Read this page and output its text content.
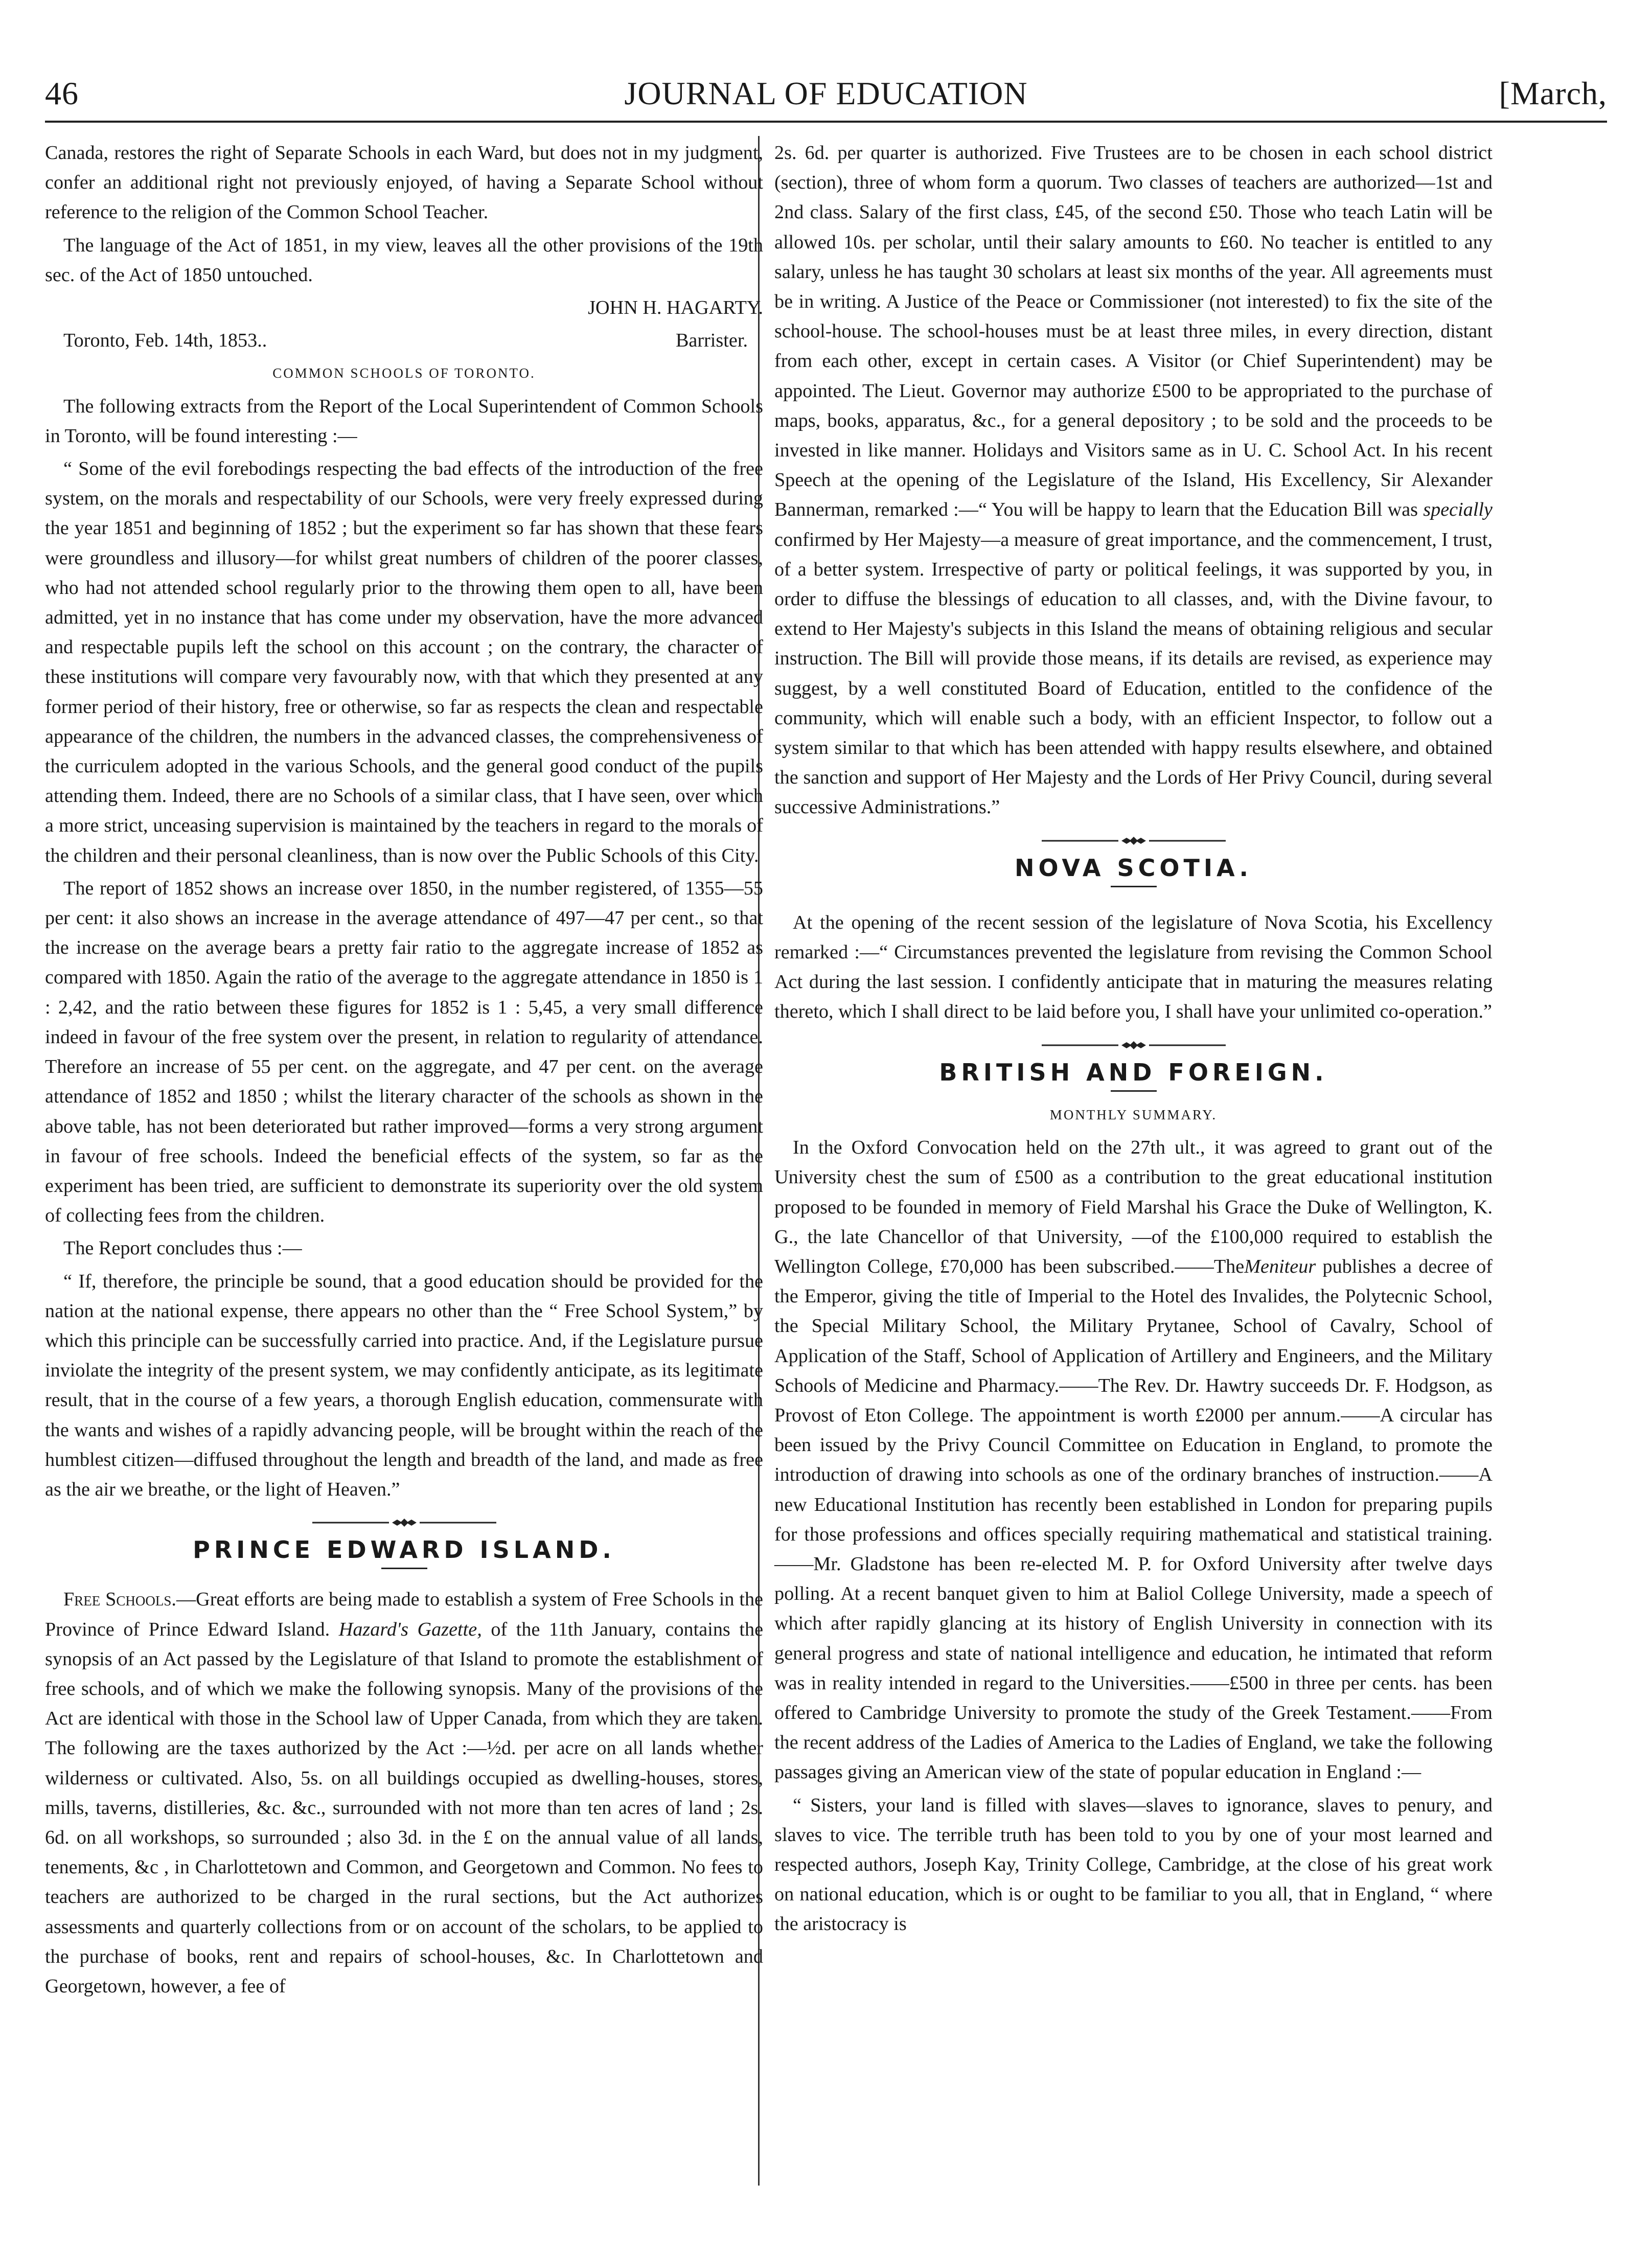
46	JOURNAL OF EDUCATION	[March,

Canada, restores the right of Separate Schools in each Ward, but does not in my judgment, confer an additional right not previously enjoyed, of having a Separate School without reference to the religion of the Common School Teacher.

The language of the Act of 1851, in my view, leaves all the other provisions of the 19th sec. of the Act of 1850 untouched.

JOHN H. HAGARTY.

Toronto, Feb. 14th, 1853..	Barrister.
COMMON SCHOOLS OF TORONTO.

The following extracts from the Report of the Local Superintendent of Common Schools in Toronto, will be found interesting :—

“ Some of the evil forebodings respecting the bad effects of the introduction of the free system, on the morals and respectability of our Schools, were very freely expressed during the year 1851 and beginning of 1852 ; but the experiment so far has shown that these fears were groundless and illusory—for whilst great numbers of children of the poorer classes, who had not attended school regularly prior to the throwing them open to all, have been admitted, yet in no instance that has come under my observation, have the more advanced and respectable pupils left the school on this account ; on the contrary, the character of these institutions will compare very favourably now, with that which they presented at any former period of their history, free or otherwise, so far as respects the clean and respectable appearance of the children, the numbers in the advanced classes, the comprehensiveness of the curriculem adopted in the various Schools, and the general good conduct of the pupils attending them. Indeed, there are no Schools of a similar class, that I have seen, over which a more strict, unceasing supervision is maintained by the teachers in regard to the morals of the children and their personal cleanliness, than is now over the Public Schools of this City.

The report of 1852 shows an increase over 1850, in the number registered, of 1355—55 per cent: it also shows an increase in the average attendance of 497—47 per cent., so that the increase on the average bears a pretty fair ratio to the aggregate increase of 1852 as compared with 1850. Again the ratio of the average to the aggregate attendance in 1850 is 1 : 2,42, and the ratio between these figures for 1852 is 1 : 5,45, a very small difference indeed in favour of the free system over the present, in relation to regularity of attendance. Therefore an increase of 55 per cent. on the aggregate, and 47 per cent. on the average attendance of 1852 and 1850 ; whilst the literary character of the schools as shown in the above table, has not been deteriorated but rather improved—forms a very strong argument in favour of free schools. Indeed the beneficial effects of the system, so far as the experiment has been tried, are sufficient to demonstrate its superiority over the old system of collecting fees from the children.

The Report concludes thus :—

“ If, therefore, the principle be sound, that a good education should be provided for the nation at the national expense, there appears no other than the “ Free School System,” by which this principle can be successfully carried into practice. And, if the Legislature pursue inviolate the integrity of the present system, we may confidently anticipate, as its legitimate result, that in the course of a few years, a thorough English education, commensurate with the wants and wishes of a rapidly advancing people, will be brought within the reach of the humblest citizen—diffused throughout the length and breadth of the land, and made as free as the air we breathe, or the light of Heaven.”

PRINCE EDWARD ISLAND.

Free Schools.—Great efforts are being made to establish a system of Free Schools in the Province of Prince Edward Island. Hazard's Gazette, of the 11th January, contains the synopsis of an Act passed by the Legislature of that Island to promote the establishment of free schools, and of which we make the following synopsis. Many of the provisions of the Act are identical with those in the School law of Upper Canada, from which they are taken. The following are the taxes authorized by the Act :—½d. per acre on all lands whether wilderness or cultivated. Also, 5s. on all buildings occupied as dwelling-houses, stores, mills, taverns, distilleries, &c. &c., surrounded with not more than ten acres of land ; 2s. 6d. on all workshops, so surrounded ; also 3d. in the £ on the annual value of all lands, tenements, &c , in Charlottetown and Common, and Georgetown and Common. No fees to teachers are authorized to be charged in the rural sections, but the Act authorizes assessments and quarterly collections from or on account of the scholars, to be applied to the purchase of books, rent and repairs of school-houses, &c. In Charlottetown and Georgetown, however, a fee of

2s. 6d. per quarter is authorized. Five Trustees are to be chosen in each school district (section), three of whom form a quorum. Two classes of teachers are authorized—1st and 2nd class. Salary of the first class, £45, of the second £50. Those who teach Latin will be allowed 10s. per scholar, until their salary amounts to £60. No teacher is entitled to any salary, unless he has taught 30 scholars at least six months of the year. All agreements must be in writing. A Justice of the Peace or Commissioner (not interested) to fix the site of the school-house. The school-houses must be at least three miles, in every direction, distant from each other, except in certain cases. A Visitor (or Chief Superintendent) may be appointed. The Lieut. Governor may authorize £500 to be appropriated to the purchase of maps, books, apparatus, &c., for a general depository ; to be sold and the proceeds to be invested in like manner. Holidays and Visitors same as in U. C. School Act. In his recent Speech at the opening of the Legislature of the Island, His Excellency, Sir Alexander Bannerman, remarked :—“ You will be happy to learn that the Education Bill was specially confirmed by Her Majesty—a measure of great importance, and the commencement, I trust, of a better system. Irrespective of party or political feelings, it was supported by you, in order to diffuse the blessings of education to all classes, and, with the Divine favour, to extend to Her Majesty's subjects in this Island the means of obtaining religious and secular instruction. The Bill will provide those means, if its details are revised, as experience may suggest, by a well constituted Board of Education, entitled to the confidence of the community, which will enable such a body, with an efficient Inspector, to follow out a system similar to that which has been attended with happy results elsewhere, and obtained the sanction and support of Her Majesty and the Lords of Her Privy Council, during several successive Administrations.”

NOVA SCOTIA.

At the opening of the recent session of the legislature of Nova Scotia, his Excellency remarked :—“ Circumstances prevented the legislature from revising the Common School Act during the last session. I confidently anticipate that in maturing the measures relating thereto, which I shall direct to be laid before you, I shall have your unlimited co-operation.”

BRITISH AND FOREIGN.
MONTHLY SUMMARY.

In the Oxford Convocation held on the 27th ult., it was agreed to grant out of the University chest the sum of £500 as a contribution to the great educational institution proposed to be founded in memory of Field Marshal his Grace the Duke of Wellington, K. G., the late Chancellor of that University, —of the £100,000 required to establish the Wellington College, £70,000 has been subscribed.——TheMeniteur publishes a decree of the Emperor, giving the title of Imperial to the Hotel des Invalides, the Polytecnic School, the Special Military School, the Military Prytanee, School of Cavalry, School of Application of the Staff, School of Application of Artillery and Engineers, and the Military Schools of Medicine and Pharmacy.——The Rev. Dr. Hawtry succeeds Dr. F. Hodgson, as Provost of Eton College. The appointment is worth £2000 per annum.——A circular has been issued by the Privy Council Committee on Education in England, to promote the introduction of drawing into schools as one of the ordinary branches of instruction.——A new Educational Institution has recently been established in London for preparing pupils for those professions and offices specially requiring mathematical and statistical training.——Mr. Gladstone has been re-elected M. P. for Oxford University after twelve days polling. At a recent banquet given to him at Baliol College University, made a speech of which after rapidly glancing at its history of English University in connection with its general progress and state of national intelligence and education, he intimated that reform was in reality intended in regard to the Universities.——£500 in three per cents. has been offered to Cambridge University to promote the study of the Greek Testament.——From the recent address of the Ladies of America to the Ladies of England, we take the following passages giving an American view of the state of popular education in England :—

“ Sisters, your land is filled with slaves—slaves to ignorance, slaves to penury, and slaves to vice. The terrible truth has been told to you by one of your most learned and respected authors, Joseph Kay, Trinity College, Cambridge, at the close of his great work on national education, which is or ought to be familiar to you all, that in England, “ where the aristocracy is
